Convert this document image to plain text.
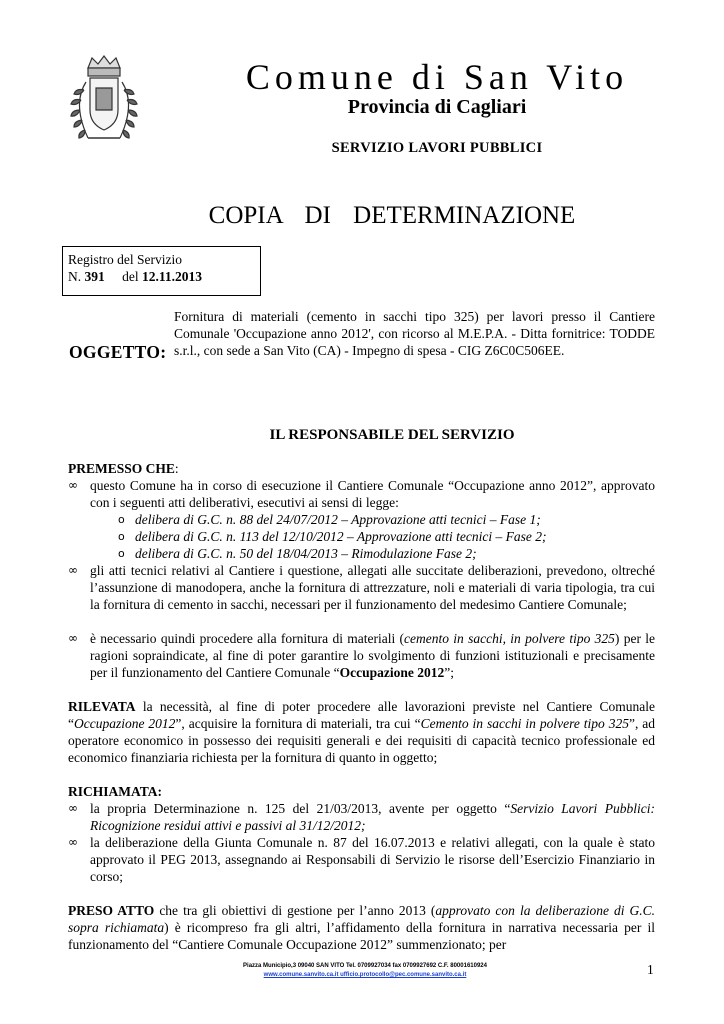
Comune di San Vito
Provincia di Cagliari
SERVIZIO LAVORI PUBBLICI
COPIA DI DETERMINAZIONE
Registro del Servizio
N. 391 del 12.11.2013
OGGETTO:
Fornitura di materiali (cemento in sacchi tipo 325) per lavori presso il Cantiere Comunale 'Occupazione anno 2012', con ricorso al M.E.P.A. - Ditta fornitrice: TODDE s.r.l., con sede a San Vito (CA) - Impegno di spesa - CIG Z6C0C506EE.
IL RESPONSABILE DEL SERVIZIO
PREMESSO CHE:
∞ questo Comune ha in corso di esecuzione il Cantiere Comunale “Occupazione anno 2012”, approvato con i seguenti atti deliberativi, esecutivi ai sensi di legge:
o delibera di G.C. n. 88 del 24/07/2012 – Approvazione atti tecnici – Fase 1;
o delibera di G.C. n. 113 del 12/10/2012 – Approvazione atti tecnici – Fase 2;
o delibera di G.C. n. 50 del 18/04/2013 – Rimodulazione Fase 2;
∞ gli atti tecnici relativi al Cantiere i questione, allegati alle succitate deliberazioni, prevedono, oltreché l’assunzione di manodopera, anche la fornitura di attrezzature, noli e materiali di varia tipologia, tra cui la fornitura di cemento in sacchi, necessari per il funzionamento del medesimo Cantiere Comunale;
∞ è necessario quindi procedere alla fornitura di materiali (cemento in sacchi, in polvere tipo 325) per le ragioni sopraindicate, al fine di poter garantire lo svolgimento di funzioni istituzionali e precisamente per il funzionamento del Cantiere Comunale “Occupazione 2012”;
RILEVATA la necessità, al fine di poter procedere alle lavorazioni previste nel Cantiere Comunale “Occupazione 2012”, acquisire la fornitura di materiali, tra cui “Cemento in sacchi in polvere tipo 325”, ad operatore economico in possesso dei requisiti generali e dei requisiti di capacità tecnico professionale ed economico finanziaria richiesta per la fornitura di quanto in oggetto;
RICHIAMATA:
∞ la propria Determinazione n. 125 del 21/03/2013, avente per oggetto “Servizio Lavori Pubblici: Ricognizione residui attivi e passivi al 31/12/2012;
∞ la deliberazione della Giunta Comunale n. 87 del 16.07.2013 e relativi allegati, con la quale è stato approvato il PEG 2013, assegnando ai Responsabili di Servizio le risorse dell’Esercizio Finanziario in corso;
PRESO ATTO che tra gli obiettivi di gestione per l’anno 2013 (approvato con la deliberazione di G.C. sopra richiamata) è ricompreso fra gli altri, l’affidamento della fornitura in narrativa necessaria per il funzionamento del “Cantiere Comunale Occupazione 2012” summenzionato; per
Piazza Municipio,3 09040 SAN VITO Tel. 0709927034 fax 0709927692 C.F. 80001610924
www.comune.sanvito.ca.it ufficio.protocollo@pec.comune.sanvito.ca.it	1
